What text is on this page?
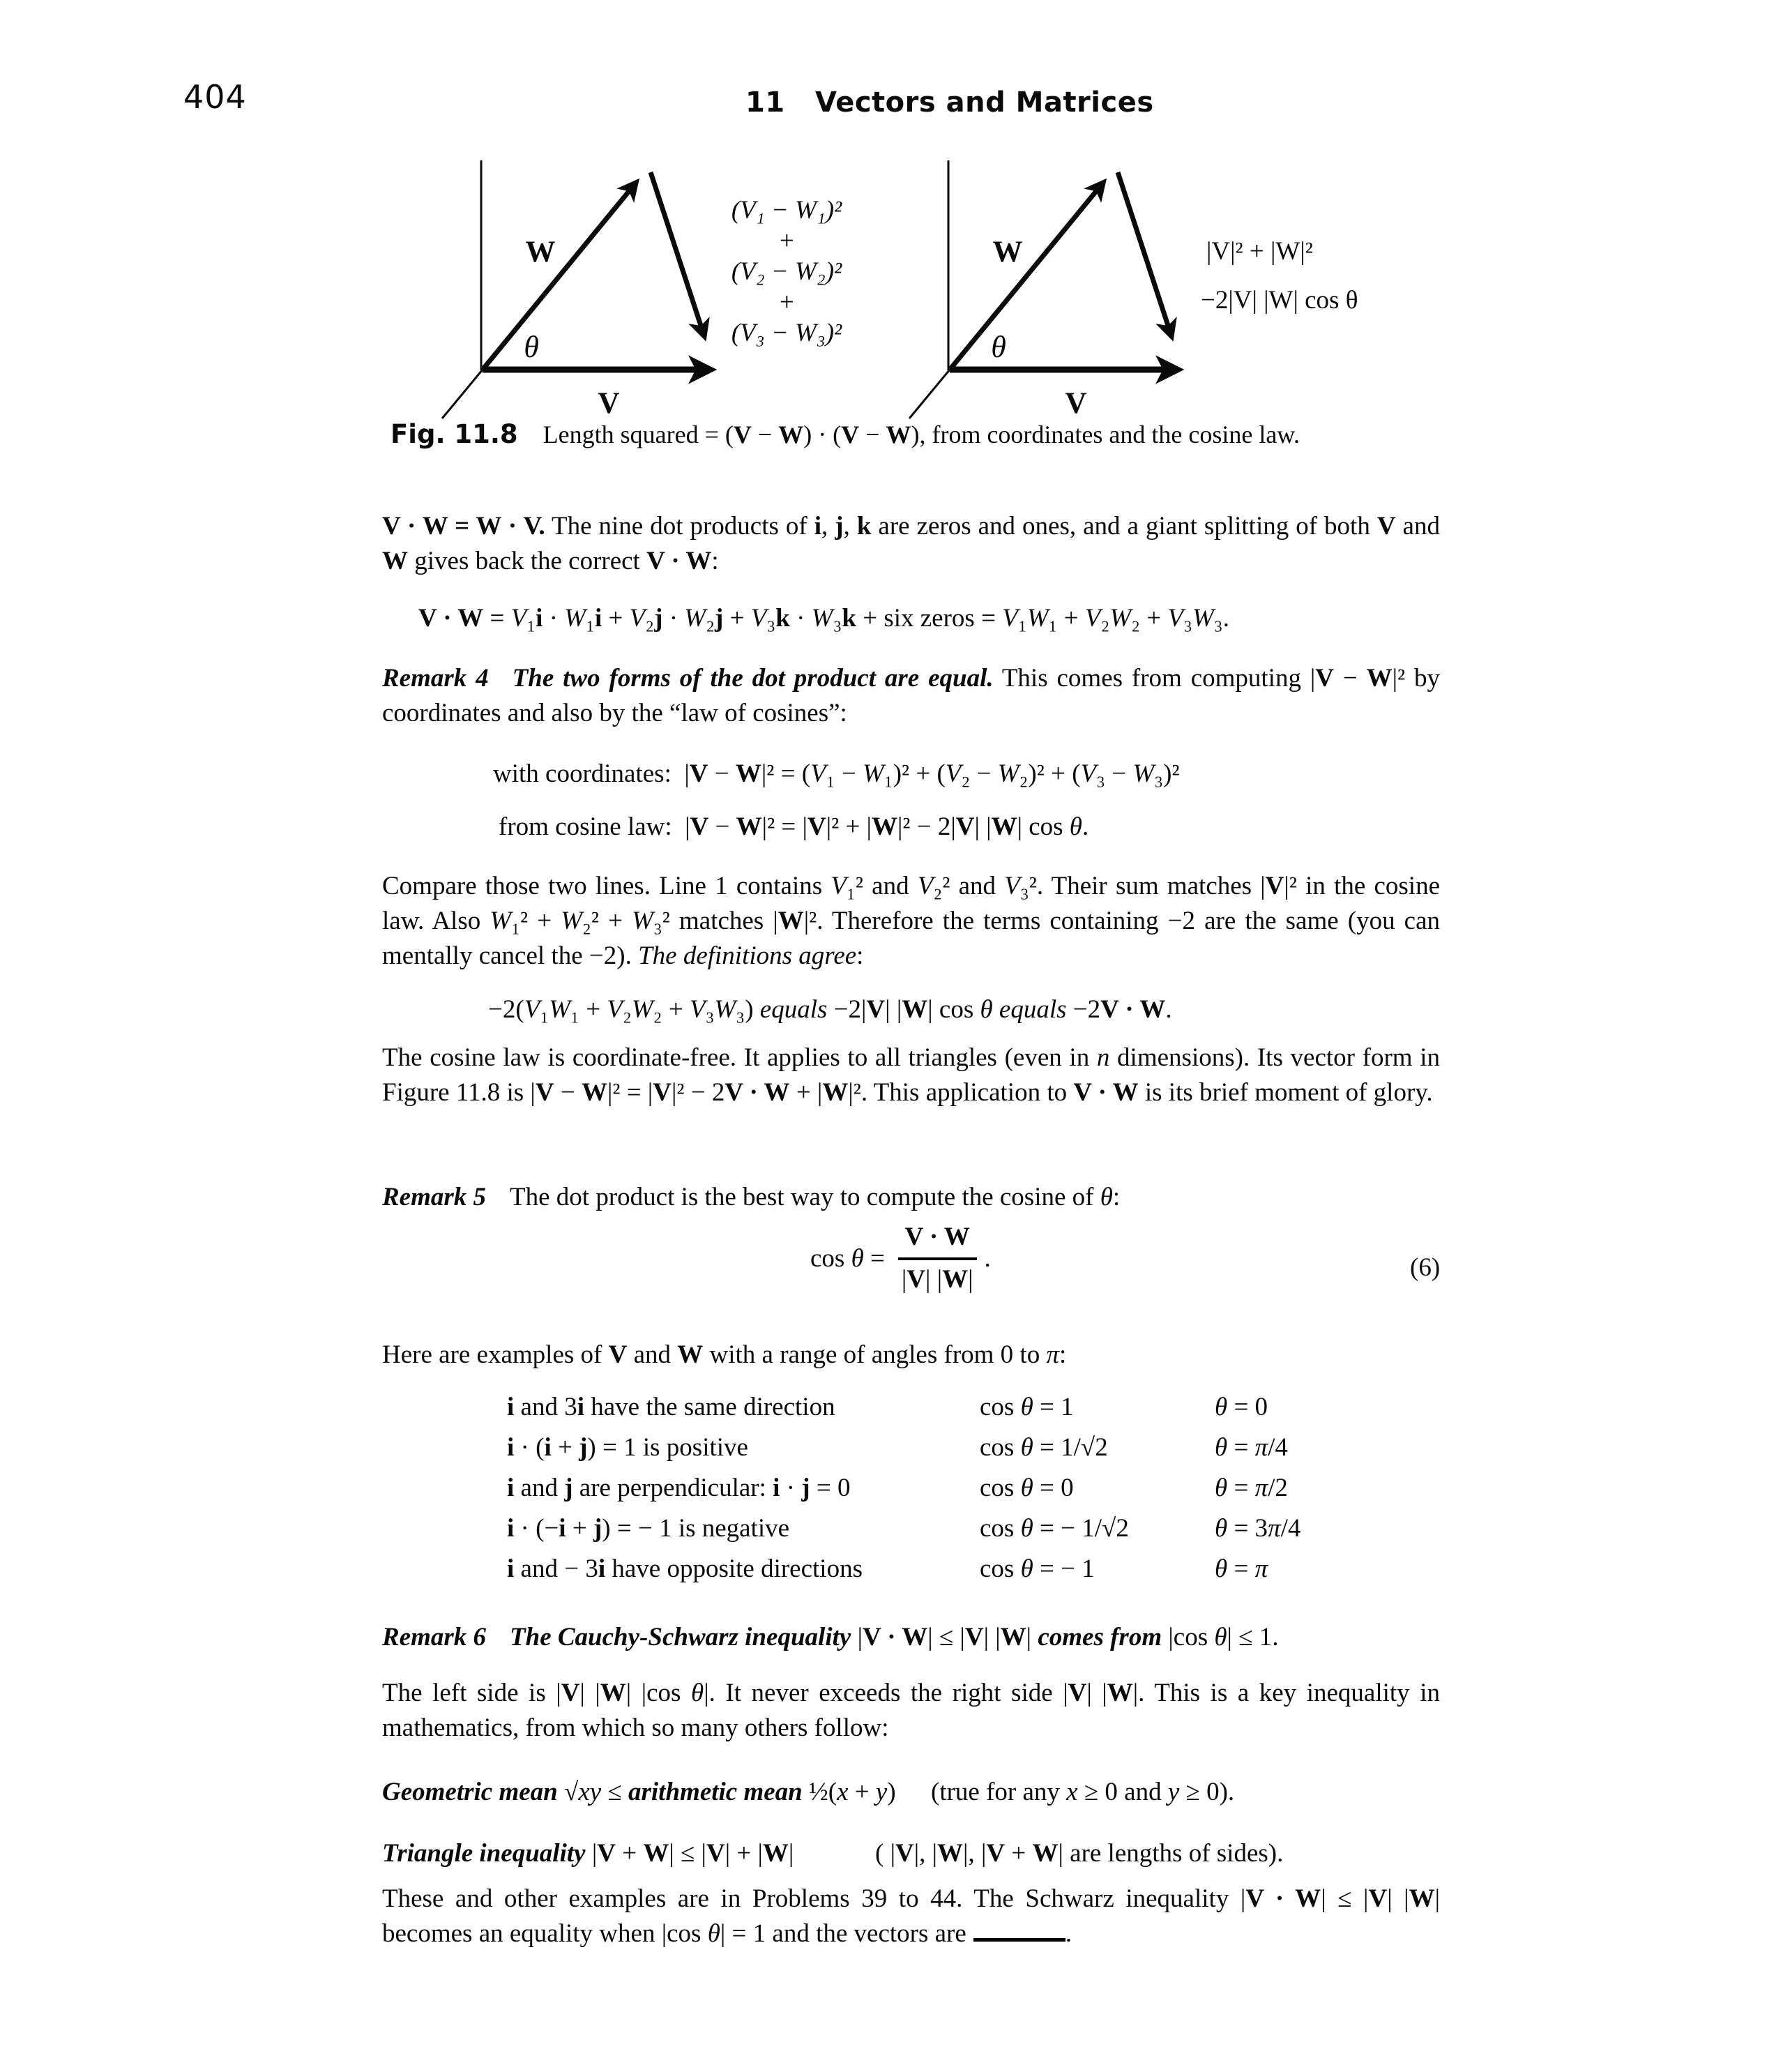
404	11   Vectors and Matrices
W
θ
V
(V₁ − W₁)²
+
(V₂ − W₂)²
+
(V₃ − W₃)²
W
θ
V
|V|² + |W|²
−2|V| |W| cos θ
Fig. 11.8 Length squared = (V − W) · (V − W), from coordinates and the cosine law.

V · W = W · V. The nine dot products of i, j, k are zeros and ones, and a giant splitting of both V and W gives back the correct V · W:

V · W = V₁i · W₁i + V₂j · W₂j + V₃k · W₃k + six zeros = V₁W₁ + V₂W₂ + V₃W₃.

Remark 4 The two forms of the dot product are equal. This comes from computing |V − W|² by coordinates and also by the “law of cosines”:

with coordinates:  |V − W|² = (V₁ − W₁)² + (V₂ − W₂)² + (V₃ − W₃)²
from cosine law:  |V − W|² = |V|² + |W|² − 2|V| |W| cos θ.

Compare those two lines. Line 1 contains V₁² and V₂² and V₃². Their sum matches |V|² in the cosine law. Also W₁² + W₂² + W₃² matches |W|². Therefore the terms containing −2 are the same (you can mentally cancel the −2). The definitions agree:

−2(V₁W₁ + V₂W₂ + V₃W₃) equals −2|V| |W| cos θ equals −2V · W.

The cosine law is coordinate-free. It applies to all triangles (even in n dimensions). Its vector form in Figure 11.8 is |V − W|² = |V|² − 2V · W + |W|². This application to V · W is its brief moment of glory.

Remark 5 The dot product is the best way to compute the cosine of θ:

$\cos \theta = \frac{V \cdot W}{|V| |W|}$ .	(6)

Here are examples of V and W with a range of angles from 0 to π:

i and 3i have the same direction	cos θ = 1	θ = 0
i · (i + j) = 1 is positive	cos θ = 1/√2	θ = π/4
i and j are perpendicular: i · j = 0	cos θ = 0	θ = π/2
i · (−i + j) = − 1 is negative	cos θ = − 1/√2	θ = 3π/4
i and − 3i have opposite directions	cos θ = − 1	θ = π

Remark 6 The Cauchy-Schwarz inequality |V · W| ≤ |V| |W| comes from |cos θ| ≤ 1.

The left side is |V| |W| |cos θ|. It never exceeds the right side |V| |W|. This is a key inequality in mathematics, from which so many others follow:

Geometric mean √xy ≤ arithmetic mean ½(x + y) (true for any x ≥ 0 and y ≥ 0).
Triangle inequality |V + W| ≤ |V| + |W|	( |V|, |W|, |V + W| are lengths of sides).

These and other examples are in Problems 39 to 44. The Schwarz inequality |V · W| ≤ |V| |W| becomes an equality when |cos θ| = 1 and the vectors are	.
